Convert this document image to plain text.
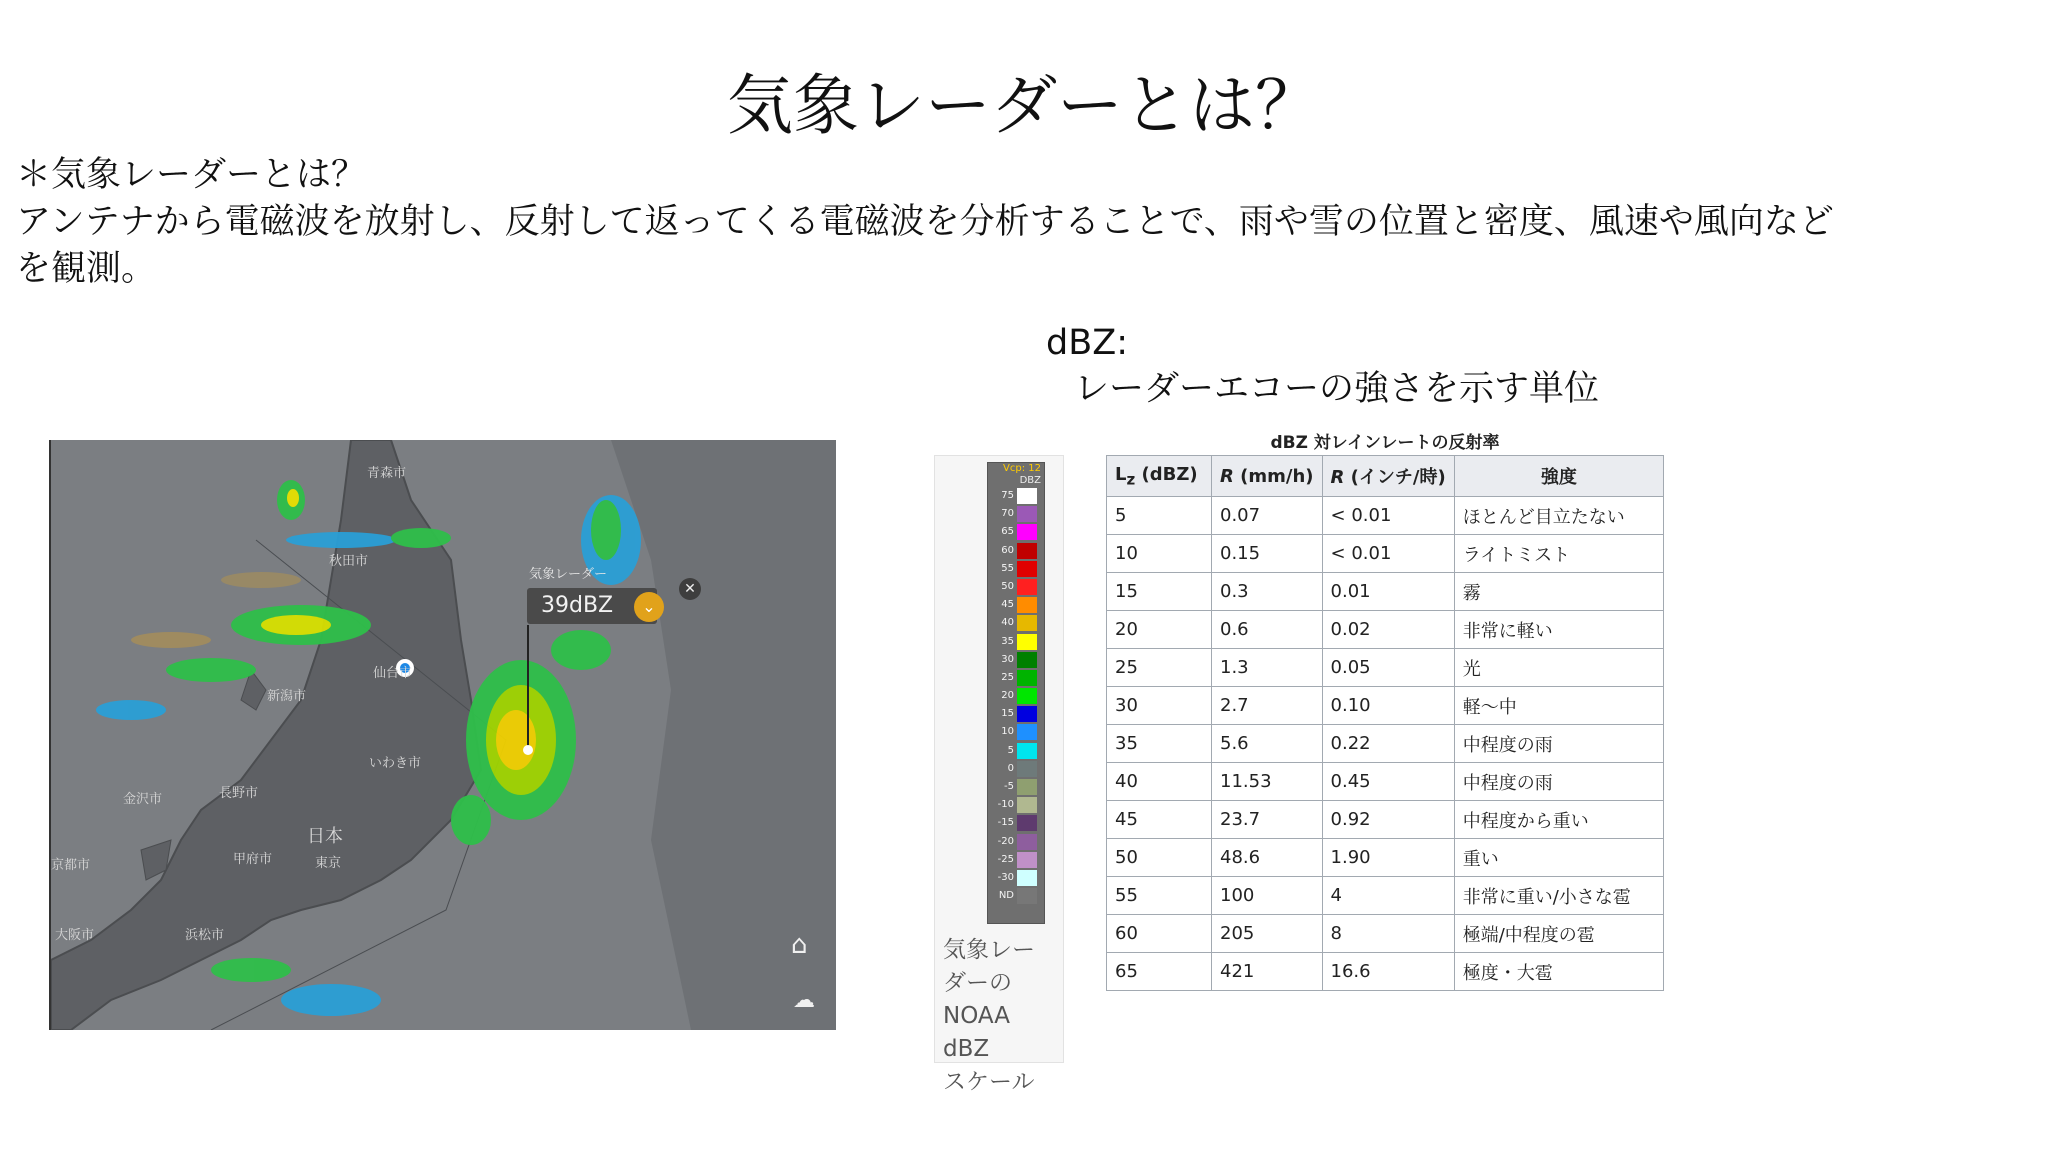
気象レーダーとは？
＊気象レーダーとは？
アンテナから電磁波を放射し、反射して返ってくる電磁波を分析することで、雨や雪の位置と密度、風速や風向など
を観測。
dBZ:
レーダーエコーの強さを示す単位
青森市
秋田市
仙台市
新潟市
いわき市
金沢市	長野市
日本
甲府市	東京
大阪市	浜松市
京都市
気象レーダー
39dBZ	⌄
✕
⌂
☁
Vcp: 12
DBZ
75
70
65
60
55
50
45
40
35
30
25
20
15
10
5
0
-5
-10
-15
-20
-25
-30
ND
気象レー
ダーの
NOAA dBZ
スケール
dBZ 対レインレートの反射率
$L_z$ (dBZ)	R (mm/h)	R (インチ/時)	強度
5	0.07	< 0.01	ほとんど目立たない
10	0.15	< 0.01	ライトミスト
15	0.3	0.01	霧
20	0.6	0.02	非常に軽い
25	1.3	0.05	光
30	2.7	0.10	軽～中
35	5.6	0.22	中程度の雨
40	11.53	0.45	中程度の雨
45	23.7	0.92	中程度から重い
50	48.6	1.90	重い
55	100	4	非常に重い/小さな雹
60	205	8	極端/中程度の雹
65	421	16.6	極度・大雹
